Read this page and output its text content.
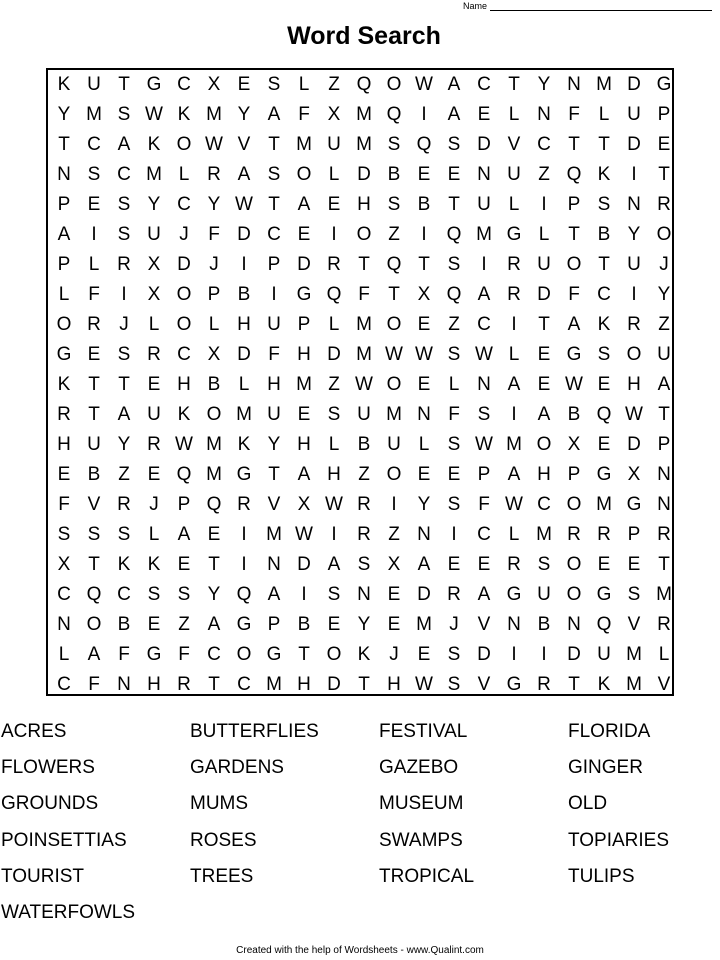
Name
Word Search
K U T G C X E S L Z Q O W A C T Y N M D G
Y M S W K M Y A F X M Q	I	A E L N F L U P
T C A K O W V T M U M S Q S D V C T T D E
N S C M L R A S O L D B E E N U Z Q K	I	T
P E S Y C Y W T A E H S B T U L	I	P S N R
A	I	S U J	F D C E	I	O Z	I	Q M G L T B Y O
P L R X D J	I	P D R T Q T S	I	R U O T U J
L F	I	X O P B	I	G Q F T X Q A R D F C	I	Y
O R J	L O L H U P L M O E Z C	I	T A K R Z
G E S R C X D F H D M W W S W L E G S O U
K T T E H B L H M Z W O E L N A E W E H A
R T A U K O M U E S U M N F S	I	A B Q W T
H U Y R W M K Y H L B U L S W M O X E D P
E B Z E Q M G T A H Z O E E P A H P G X N
F V R J P Q R V X W R	I	Y S F W C O M G N
S S S L A E	I	M W I	R Z N	I	C L M R R P R
X T K K E T	I	N D A S X A E E R S O E E T
C Q C S S Y Q A	I	S N E D R A G U O G S M
N O B E Z A G P B E Y E M J V N B N Q V R
L A F G F C O G T O K J E S D	I	I	D U M L
C F N H R T C M H D T H W S V G R T K M V
ACRES	BUTTERFLIES	FESTIVAL	FLORIDA
FLOWERS	GARDENS	GAZEBO	GINGER
GROUNDS	MUMS	MUSEUM	OLD
POINSETTIAS	ROSES	SWAMPS	TOPIARIES
TOURIST	TREES	TROPICAL	TULIPS
WATERFOWLS
Created with the help of Wordsheets - www.Qualint.com
